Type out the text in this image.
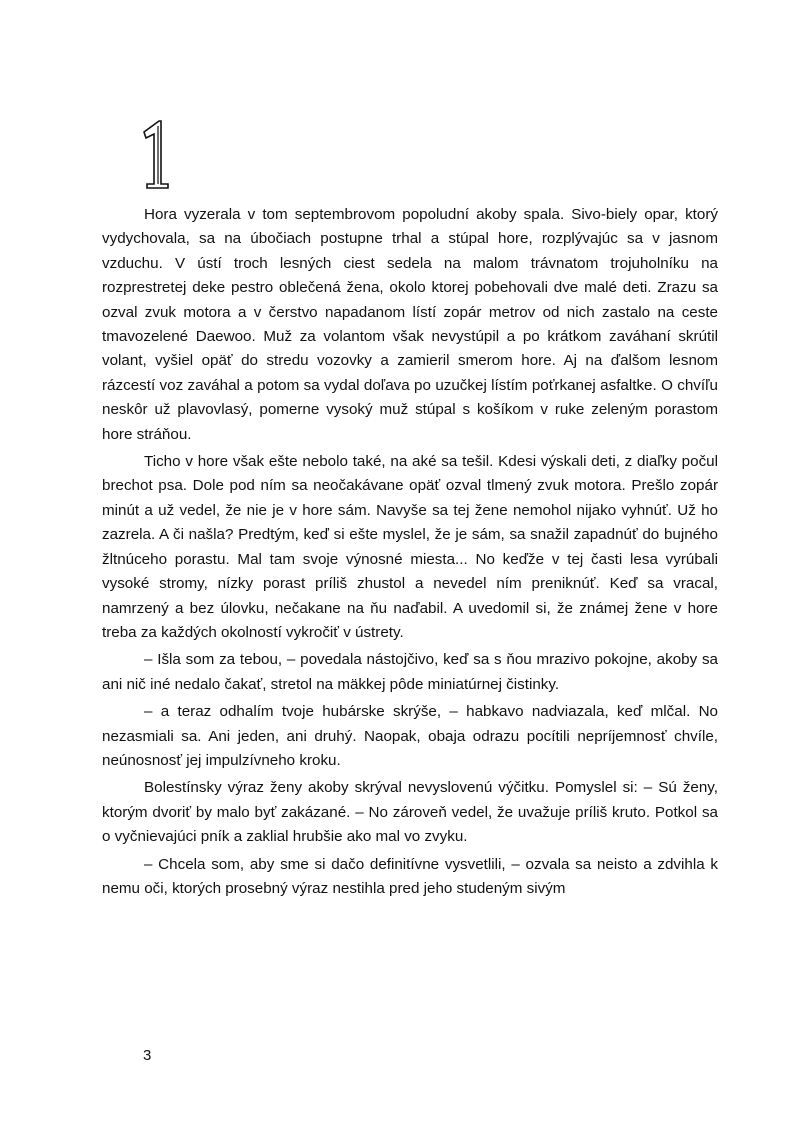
Hora vyzerala v tom septembrovom popoludní akoby spala. Sivo-biely opar, ktorý vydychovala, sa na úbočiach postupne trhal a stúpal hore, rozplývajúc sa v jasnom vzduchu. V ústí troch lesných ciest sedela na malom trávnatom trojuholníku na rozprestretej deke pestro oblečená žena, okolo ktorej pobehovali dve malé deti. Zrazu sa ozval zvuk motora a v čerstvo napadanom lístí zopár metrov od nich zastalo na ceste tmavozelené Daewoo. Muž za volantom však nevystúpil a po krátkom zaváhaní skrútil volant, vyšiel opäť do stredu vozovky a zamieril smerom hore. Aj na ďalšom lesnom rázcestí voz zaváhal a potom sa vydal doľava po uzučkej lístím poťrkanej asfaltke. O chvíľu neskôr už plavovlasý, pomerne vysoký muž stúpal s košíkom v ruke zeleným porastom hore stráňou.

Ticho v hore však ešte nebolo také, na aké sa tešil. Kdesi výskali deti, z diaľky počul brechot psa. Dole pod ním sa neočakávane opäť ozval tlmený zvuk motora. Prešlo zopár minút a už vedel, že nie je v hore sám. Navyše sa tej žene nemohol nijako vyhnúť. Už ho zazrela. A či našla? Predtým, keď si ešte myslel, že je sám, sa snažil zapadnúť do bujného žltnúceho porastu. Mal tam svoje výnosné miesta... No keďže v tej časti lesa vyrúbali vysoké stromy, nízky porast príliš zhustol a nevedel ním preniknúť. Keď sa vracal, namrzený a bez úlovku, nečakane na ňu naďabil. A uvedomil si, že známej žene v hore treba za každých okolností vykročiť v ústrety.

– Išla som za tebou, – povedala nástojčivo, keď sa s ňou mrazivo pokojne, akoby sa ani nič iné nedalo čakať, stretol na mäkkej pôde miniatúrnej čistinky.

– a teraz odhalím tvoje hubárske skrýše, – habkavo nadviazala, keď mlčal. No nezasmiali sa. Ani jeden, ani druhý. Naopak, obaja odrazu pocítili nepríjemnosť chvíle, neúnosnosť jej impulzívneho kroku.

Bolestínsky výraz ženy akoby skrýval nevyslovenú výčitku. Pomyslel si: – Sú ženy, ktorým dvoriť by malo byť zakázané. – No zároveň vedel, že uvažuje príliš kruto. Potkol sa o vyčnievajúci pník a zaklial hrubšie ako mal vo zvyku.

– Chcela som, aby sme si dačo definitívne vysvetlili, – ozvala sa neisto a zdvihla k nemu oči, ktorých prosebný výraz nestihla pred jeho studeným sivým

3
